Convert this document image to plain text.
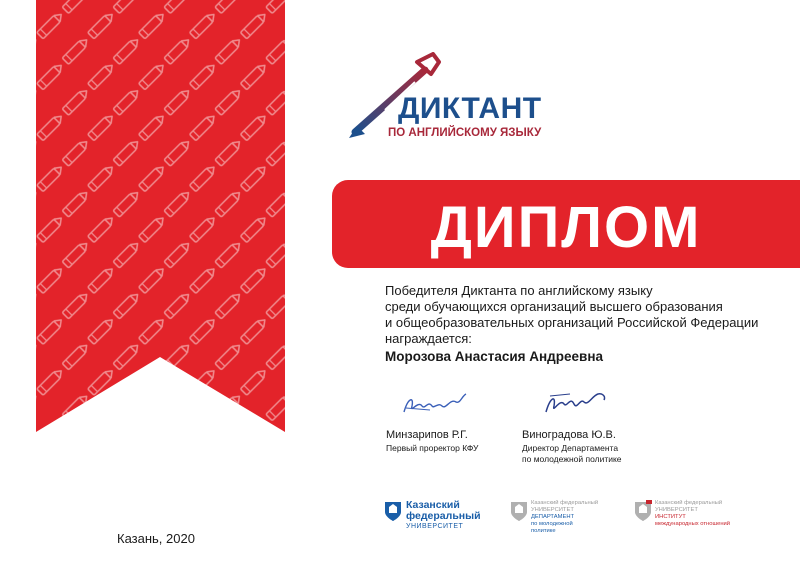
ДИКТАНТ
ПО АНГЛИЙСКОМУ ЯЗЫКУ
ДИПЛОМ
Победителя Диктанта по английскому языку
среди обучающихся организаций высшего образования
и общеобразовательных организаций Российской Федерации
награждается:
Морозова Анастасия Андреевна
Минзарипов Р.Г.
Первый проректор КФУ
Виноградова Ю.В.
Директор Департамента
по молодежной политике
Казанский
федеральный
УНИВЕРСИТЕТ
Казанский федеральный
УНИВЕРСИТЕТ
ДЕПАРТАМЕНТ
по молодежной
политике
Казанский федеральный
УНИВЕРСИТЕТ
ИНСТИТУТ
международных отношений
Казань, 2020
